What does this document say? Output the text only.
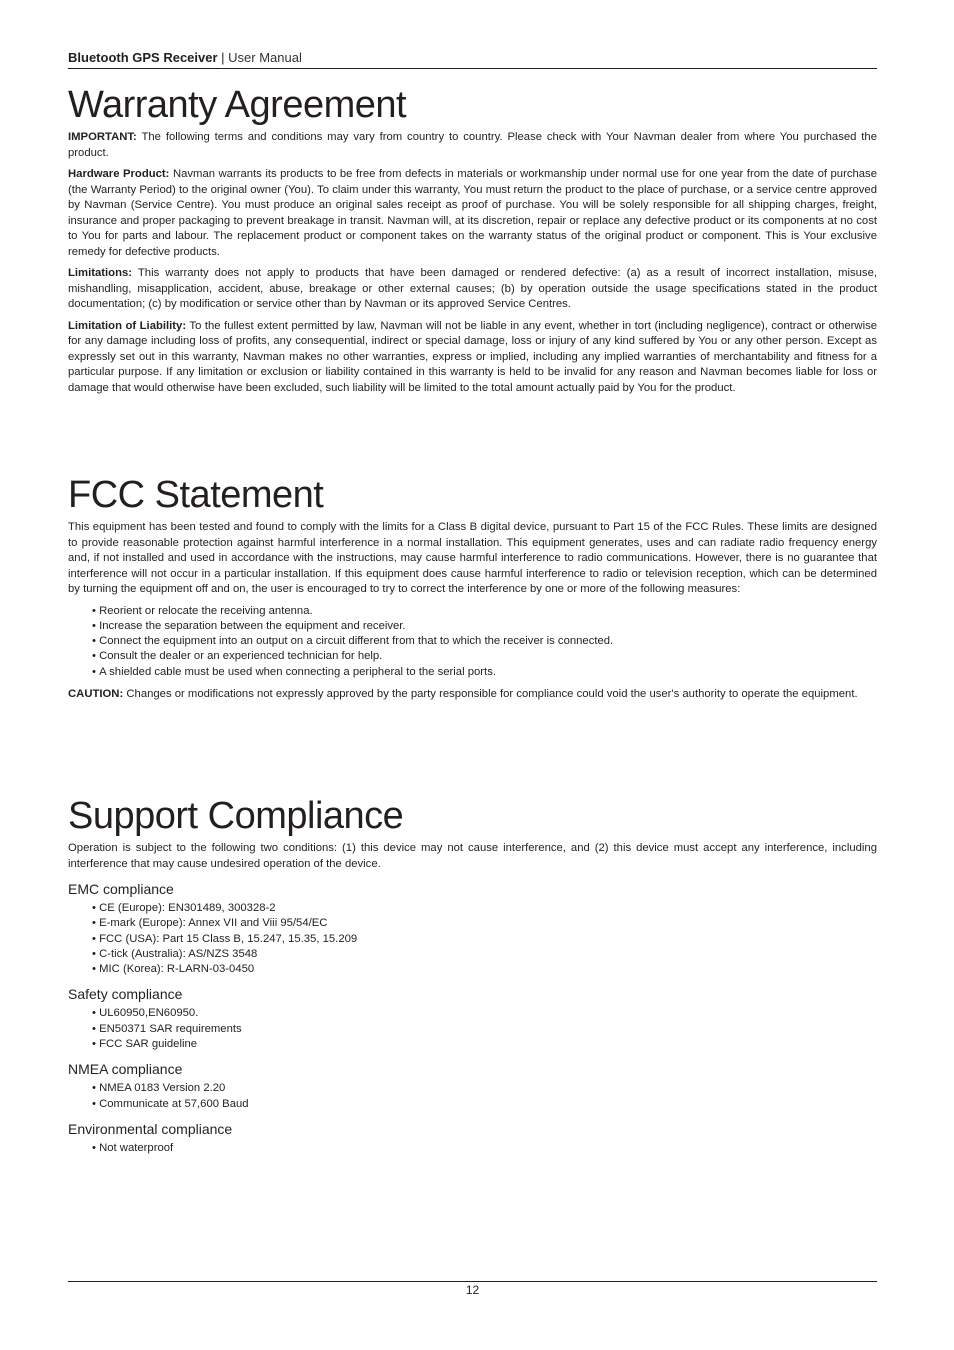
Bluetooth GPS Receiver | User Manual
Warranty Agreement

IMPORTANT: The following terms and conditions may vary from country to country. Please check with Your Navman dealer from where You purchased the product.

Hardware Product: Navman warrants its products to be free from defects in materials or workmanship under normal use for one year from the date of purchase (the Warranty Period) to the original owner (You). To claim under this warranty, You must return the product to the place of purchase, or a service centre approved by Navman (Service Centre). You must produce an original sales receipt as proof of purchase. You will be solely responsible for all shipping charges, freight, insurance and proper packaging to prevent breakage in transit. Navman will, at its discretion, repair or replace any defective product or its components at no cost to You for parts and labour. The replacement product or component takes on the warranty status of the original product or component. This is Your exclusive remedy for defective products.

Limitations: This warranty does not apply to products that have been damaged or rendered defective: (a) as a result of incorrect installation, misuse, mishandling, misapplication, accident, abuse, breakage or other external causes; (b) by operation outside the usage specifications stated in the product documentation; (c) by modification or service other than by Navman or its approved Service Centres.

Limitation of Liability: To the fullest extent permitted by law, Navman will not be liable in any event, whether in tort (including negligence), contract or otherwise for any damage including loss of profits, any consequential, indirect or special damage, loss or injury of any kind suffered by You or any other person. Except as expressly set out in this warranty, Navman makes no other warranties, express or implied, including any implied warranties of merchantability and fitness for a particular purpose. If any limitation or exclusion or liability contained in this warranty is held to be invalid for any reason and Navman becomes liable for loss or damage that would otherwise have been excluded, such liability will be limited to the total amount actually paid by You for the product.

FCC Statement

This equipment has been tested and found to comply with the limits for a Class B digital device, pursuant to Part 15 of the FCC Rules. These limits are designed to provide reasonable protection against harmful interference in a normal installation. This equipment generates, uses and can radiate radio frequency energy and, if not installed and used in accordance with the instructions, may cause harmful interference to radio communications. However, there is no guarantee that interference will not occur in a particular installation. If this equipment does cause harmful interference to radio or television reception, which can be determined by turning the equipment off and on, the user is encouraged to try to correct the interference by one or more of the following measures:

• Reorient or relocate the receiving antenna.
• Increase the separation between the equipment and receiver.
• Connect the equipment into an output on a circuit different from that to which the receiver is connected.
• Consult the dealer or an experienced technician for help.
• A shielded cable must be used when connecting a peripheral to the serial ports.

CAUTION: Changes or modifications not expressly approved by the party responsible for compliance could void the user's authority to operate the equipment.

Support Compliance

Operation is subject to the following two conditions: (1) this device may not cause interference, and (2) this device must accept any interference, including interference that may cause undesired operation of the device.

EMC compliance
• CE (Europe): EN301489, 300328-2
• E-mark (Europe): Annex VII and Viii 95/54/EC
• FCC (USA): Part 15 Class B, 15.247, 15.35, 15.209
• C-tick (Australia): AS/NZS 3548
• MIC (Korea): R-LARN-03-0450
Safety compliance
• UL60950,EN60950.
• EN50371 SAR requirements
• FCC SAR guideline
NMEA compliance
• NMEA 0183 Version 2.20
• Communicate at 57,600 Baud
Environmental compliance
• Not waterproof
12
